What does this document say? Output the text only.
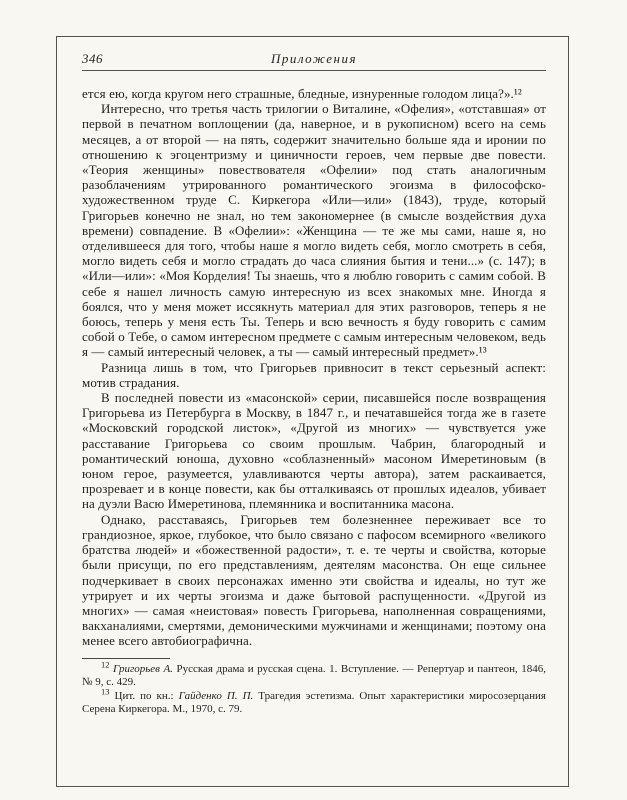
346	Приложения

ется ею, когда кругом него страшные, бледные, изнуренные голодом лица?».¹²

Интересно, что третья часть трилогии о Виталине, «Офелия», «отставшая» от первой в печатном воплощении (да, наверное, и в рукописном) всего на семь месяцев, а от второй — на пять, содержит значительно больше яда и иронии по отношению к эгоцентризму и циничности героев, чем первые две повести. «Теория женщины» повествователя «Офелии» под стать аналогичным разоблачениям утрированного романтического эгоизма в философско-художественном труде С. Киркегора «Или—или» (1843), труде, который Григорьев конечно не знал, но тем закономернее (в смысле воздействия духа времени) совпадение. В «Офелии»: «Женщина — те же мы сами, наше я, но отделившееся для того, чтобы наше я могло видеть себя, могло смотреть в себя, могло видеть себя и могло страдать до часа слияния бытия и тени...» (с. 147); в «Или—или»: «Моя Корделия! Ты знаешь, что я люблю говорить с самим собой. В себе я нашел личность самую интересную из всех знакомых мне. Иногда я боялся, что у меня может иссякнуть материал для этих разговоров, теперь я не боюсь, теперь у меня есть Ты. Теперь и всю вечность я буду говорить с самим собой о Тебе, о самом интересном предмете с самым интересным человеком, ведь я — самый интересный человек, а ты — самый интересный предмет».¹³

Разница лишь в том, что Григорьев привносит в текст серьезный аспект: мотив страдания.

В последней повести из «масонской» серии, писавшейся после возвращения Григорьева из Петербурга в Москву, в 1847 г., и печатавшейся тогда же в газете «Московский городской листок», «Другой из многих» — чувствуется уже расставание Григорьева со своим прошлым. Чабрин, благородный и романтический юноша, духовно «соблазненный» масоном Имеретиновым (в юном герое, разумеется, улавливаются черты автора), затем раскаивается, прозревает и в конце повести, как бы отталкиваясь от прошлых идеалов, убивает на дуэли Васю Имеретинова, племянника и воспитанника масона.

Однако, расставаясь, Григорьев тем болезненнее переживает все то грандиозное, яркое, глубокое, что было связано с пафосом всемирного «великого братства людей» и «божественной радости», т. е. те черты и свойства, которые были присущи, по его представлениям, деятелям масонства. Он еще сильнее подчеркивает в своих персонажах именно эти свойства и идеалы, но тут же утрирует и их черты эгоизма и даже бытовой распущенности. «Другой из многих» — самая «неистовая» повесть Григорьева, наполненная совращениями, вакханалиями, смертями, демоническими мужчинами и женщинами; поэтому она менее всего автобиографична.

$^{12}$ Григорьев А. Русская драма и русская сцена. 1. Вступление. — Репертуар и пантеон, 1846, № 9, с. 429.

$^{13}$ Цит. по кн.: Гайденко П. П. Трагедия эстетизма. Опыт характеристики миросозерцания Серена Киркегора. М., 1970, с. 79.
